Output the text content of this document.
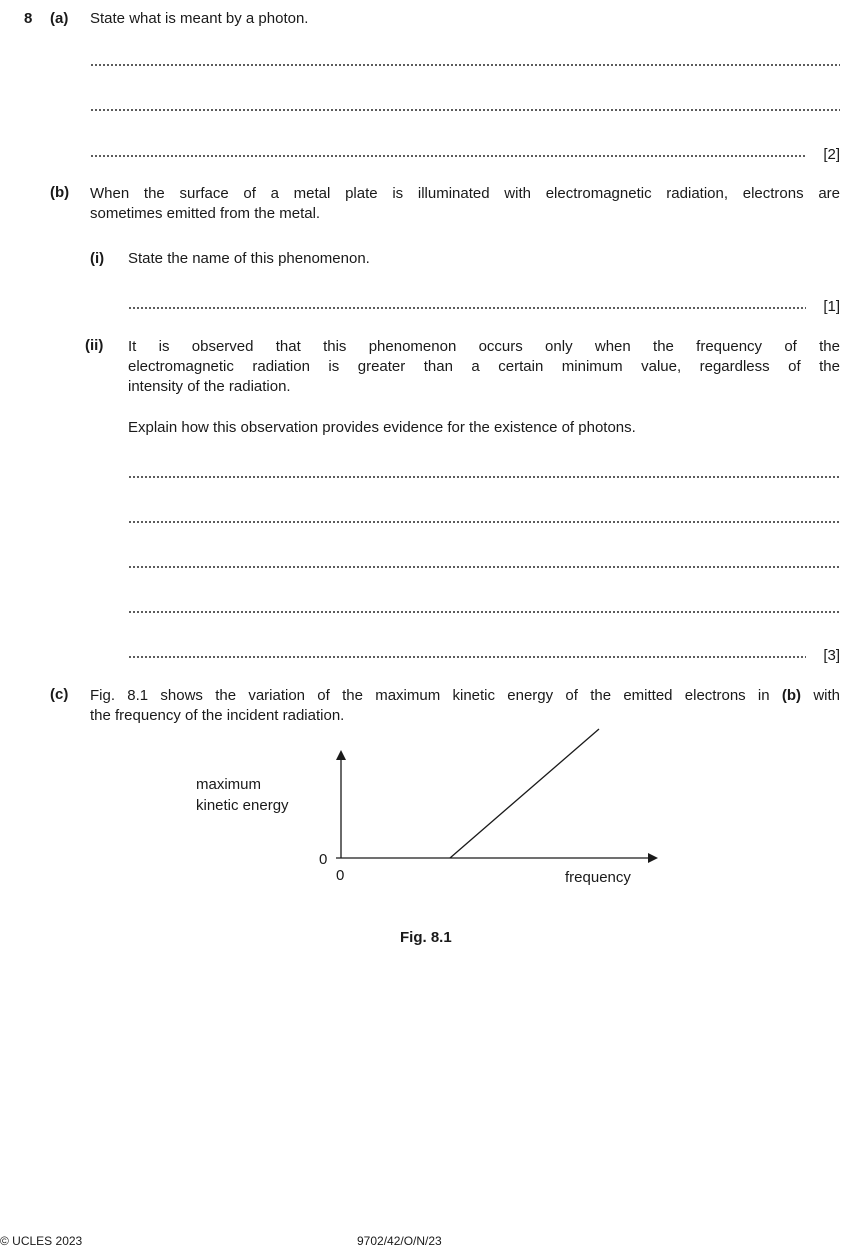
8 (a) State what is meant by a photon.
[2]
(b) When the surface of a metal plate is illuminated with electromagnetic radiation, electrons are
sometimes emitted from the metal.
(i) State the name of this phenomenon.
[1]
(ii) It is observed that this phenomenon occurs only when the frequency of the
electromagnetic radiation is greater than a certain minimum value, regardless of the
intensity of the radiation.
Explain how this observation provides evidence for the existence of photons.
[3]
(c) Fig. 8.1 shows the variation of the maximum kinetic energy of the emitted electrons in (b) with
the frequency of the incident radiation.
maximum
kinetic energy
0
0	frequency
Fig. 8.1
© UCLES 2023	9702/42/O/N/23
